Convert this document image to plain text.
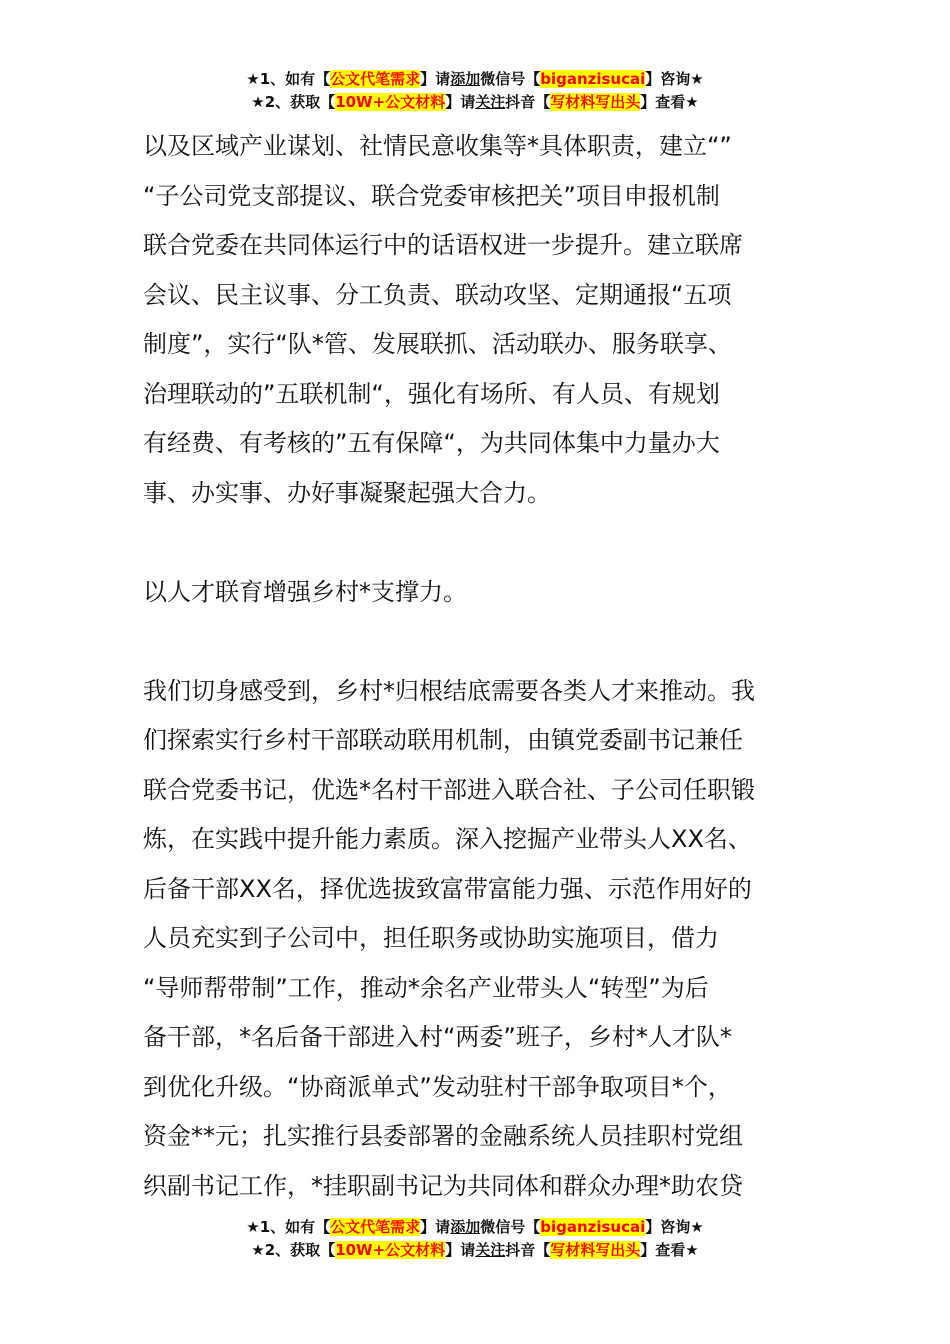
★1、如有【公文代笔需求】请添加微信号【biganzisucai】咨询★
★2、获取【10W+公文材料】请关注抖音【写材料写出头】查看★

以及区域产业谋划、社情民意收集等*具体职责，建立“”

“子公司党支部提议、联合党委审核把关”项目申报机制

联合党委在共同体运行中的话语权进一步提升。建立联席

会议、民主议事、分工负责、联动攻坚、定期通报“五项

制度”，实行“队*管、发展联抓、活动联办、服务联享、

治理联动的”五联机制“，强化有场所、有人员、有规划

有经费、有考核的”五有保障“，为共同体集中力量办大

事、办实事、办好事凝聚起强大合力。

以人才联育增强乡村*支撑力。

我们切身感受到，乡村*归根结底需要各类人才来推动。我

们探索实行乡村干部联动联用机制，由镇党委副书记兼任

联合党委书记，优选*名村干部进入联合社、子公司任职锻

炼，在实践中提升能力素质。深入挖掘产业带头人XX名、

后备干部XX名，择优选拔致富带富能力强、示范作用好的

人员充实到子公司中，担任职务或协助实施项目，借力

“导师帮带制”工作，推动*余名产业带头人“转型”为后

备干部，*名后备干部进入村“两委”班子，乡村*人才队*

到优化升级。“协商派单式”发动驻村干部争取项目*个，

资金**元；扎实推行县委部署的金融系统人员挂职村党组

织副书记工作，*挂职副书记为共同体和群众办理*助农贷

★1、如有【公文代笔需求】请添加微信号【biganzisucai】咨询★
★2、获取【10W+公文材料】请关注抖音【写材料写出头】查看★
